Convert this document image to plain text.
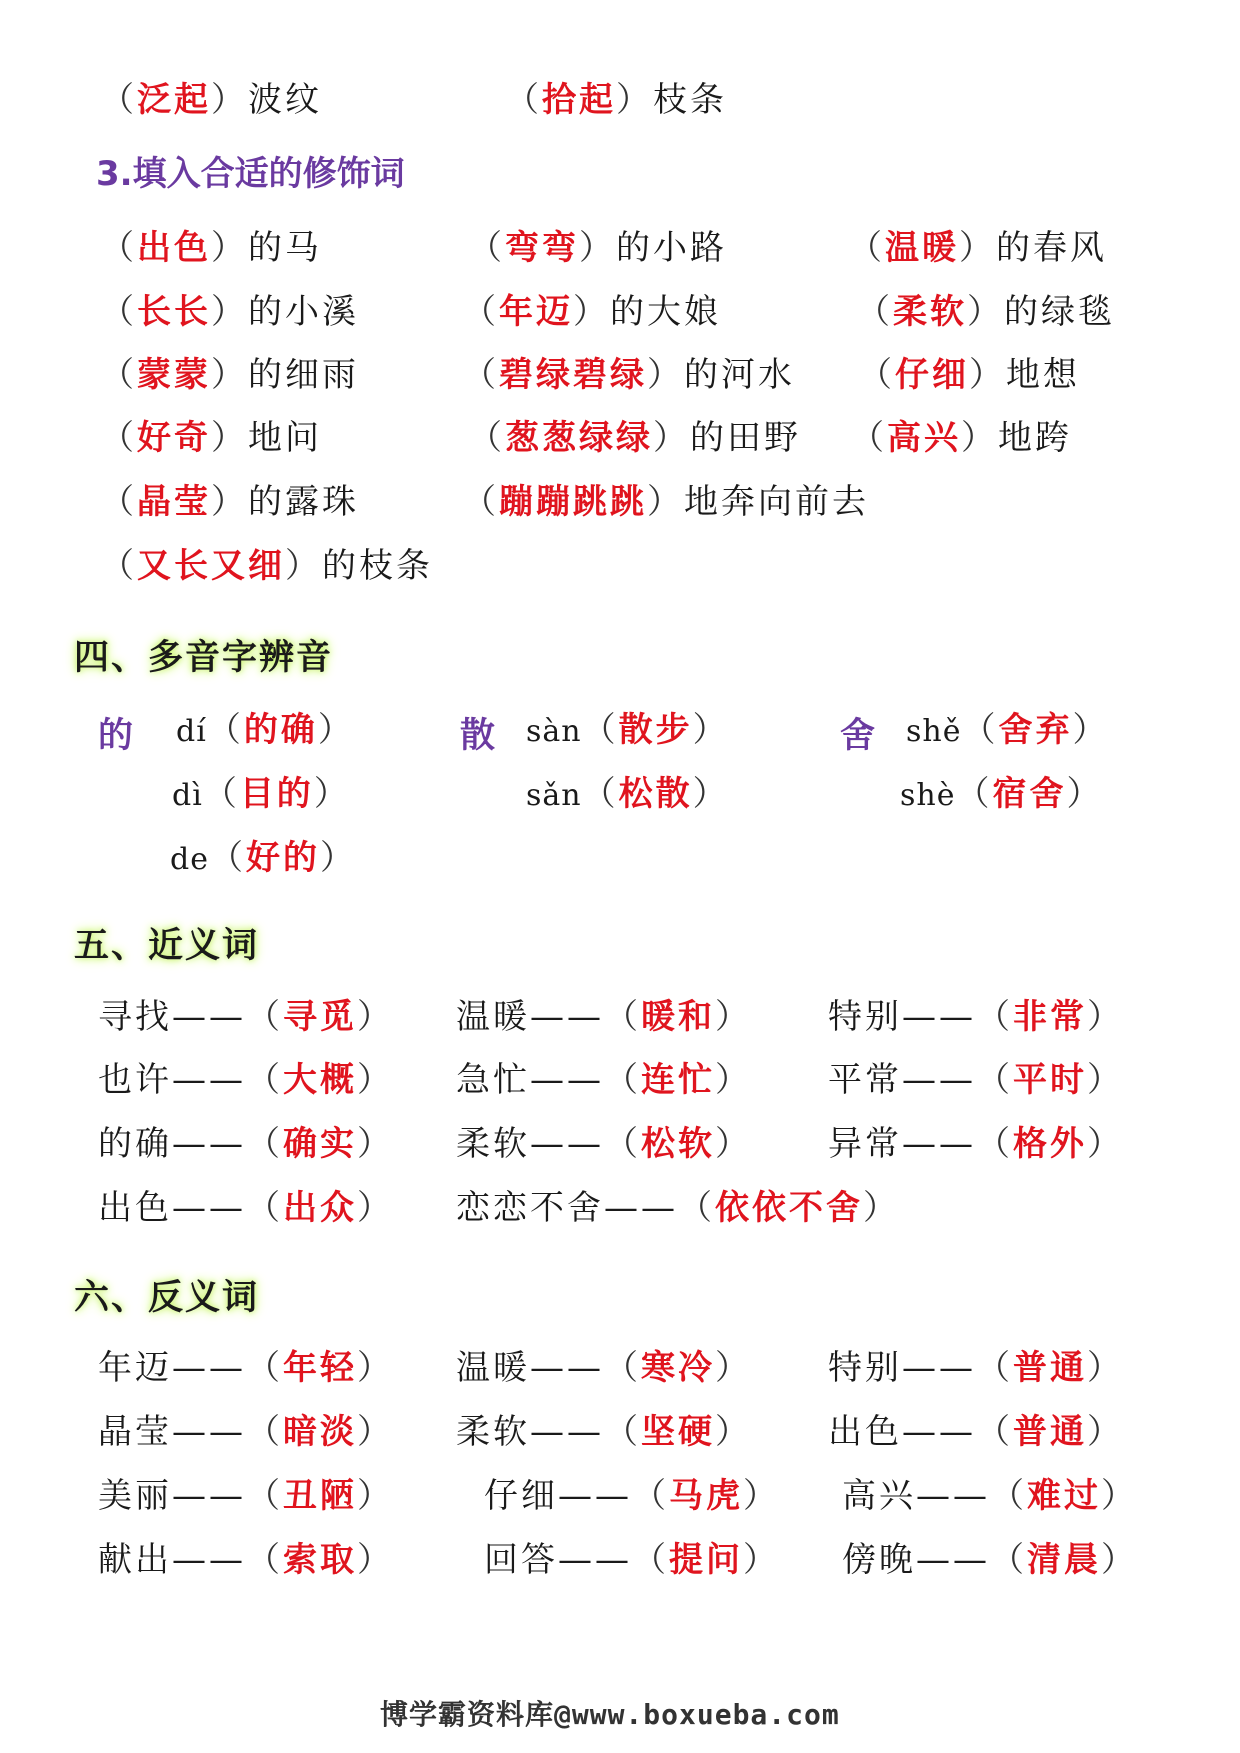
（泛起）波纹	（拾起）枝条
3.填入合适的修饰词
（出色）的马	（弯弯）的小路	（温暖）的春风
（长长）的小溪	（年迈）的大娘	（柔软）的绿毯
（蒙蒙）的细雨	（碧绿碧绿）的河水 （仔细）地想
（好奇）地问	（葱葱绿绿）的田野 （高兴）地跨
（晶莹）的露珠	（蹦蹦跳跳）地奔向前去
（又长又细）的枝条
四、多音字辨音
的 dí（的确）
dì（目的）
de（好的）
散 sàn（散步）
sǎn（松散）
舍 shě（舍弃）
shè（宿舍）
五、近义词
寻找——（寻觅） 温暖——（暖和） 特别——（非常）
也许——（大概） 急忙——（连忙） 平常——（平时）
的确——（确实） 柔软——（松软） 异常——（格外）
出色——（出众） 恋恋不舍——（依依不舍）
六、反义词
年迈——（年轻） 温暖——（寒冷） 特别——（普通）
晶莹——（暗淡） 柔软——（坚硬） 出色——（普通）
美丽——（丑陋）	仔细——（马虎） 高兴——（难过）
献出——（索取）	回答——（提问） 傍晚——（清晨）
博学霸资料库@www.boxueba.com
